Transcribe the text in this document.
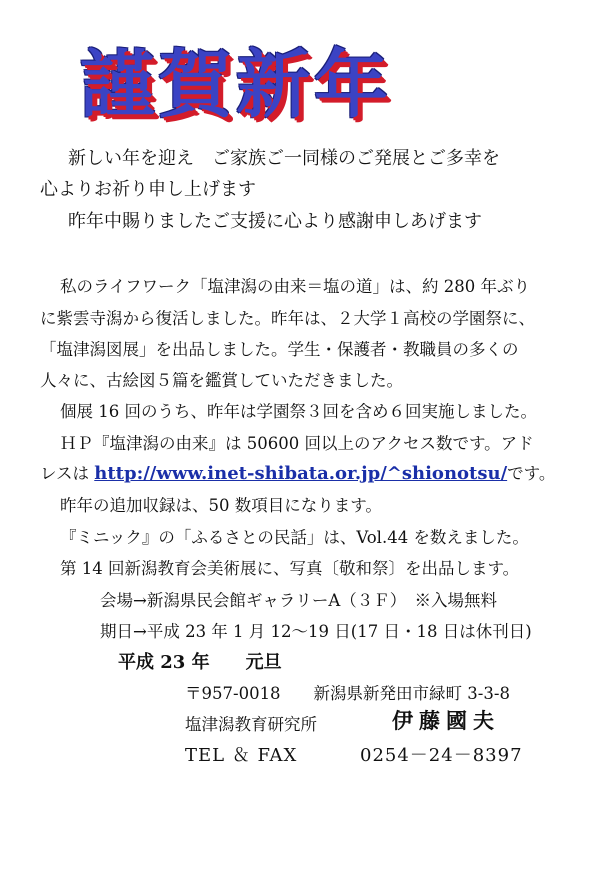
謹賀新年
新しい年を迎え　ご家族ご一同様のご発展とご多幸を
心よりお祈り申し上げます
昨年中賜りましたご支援に心より感謝申しあげます
私のライフワーク「塩津潟の由来＝塩の道」は、約 280 年ぶり
に紫雲寺潟から復活しました。昨年は、２大学１高校の学園祭に、
「塩津潟図展」を出品しました。学生・保護者・教職員の多くの
人々に、古絵図５篇を鑑賞していただきました。
個展 16 回のうち、昨年は学園祭３回を含め６回実施しました。
ＨＰ『塩津潟の由来』は 50600 回以上のアクセス数です。アド
レスは http://www.inet-shibata.or.jp/^shionotsu/です。
昨年の追加収録は、50 数項目になります。
『ミニック』の「ふるさとの民話」は、Vol.44 を数えました。
第 14 回新潟教育会美術展に、写真〔敬和祭〕を出品します。
会場→新潟県民会館ギャラリーA（３Ｆ）　※入場無料
期日→平成 23 年 1 月 12～19 日(17 日・18 日は休刊日)
平成 23 年　　元旦
〒957-0018　　新潟県新発田市緑町 3-3-8
塩津潟教育研究所	伊藤國夫
TEL ＆ FAX	0254－24－8397
